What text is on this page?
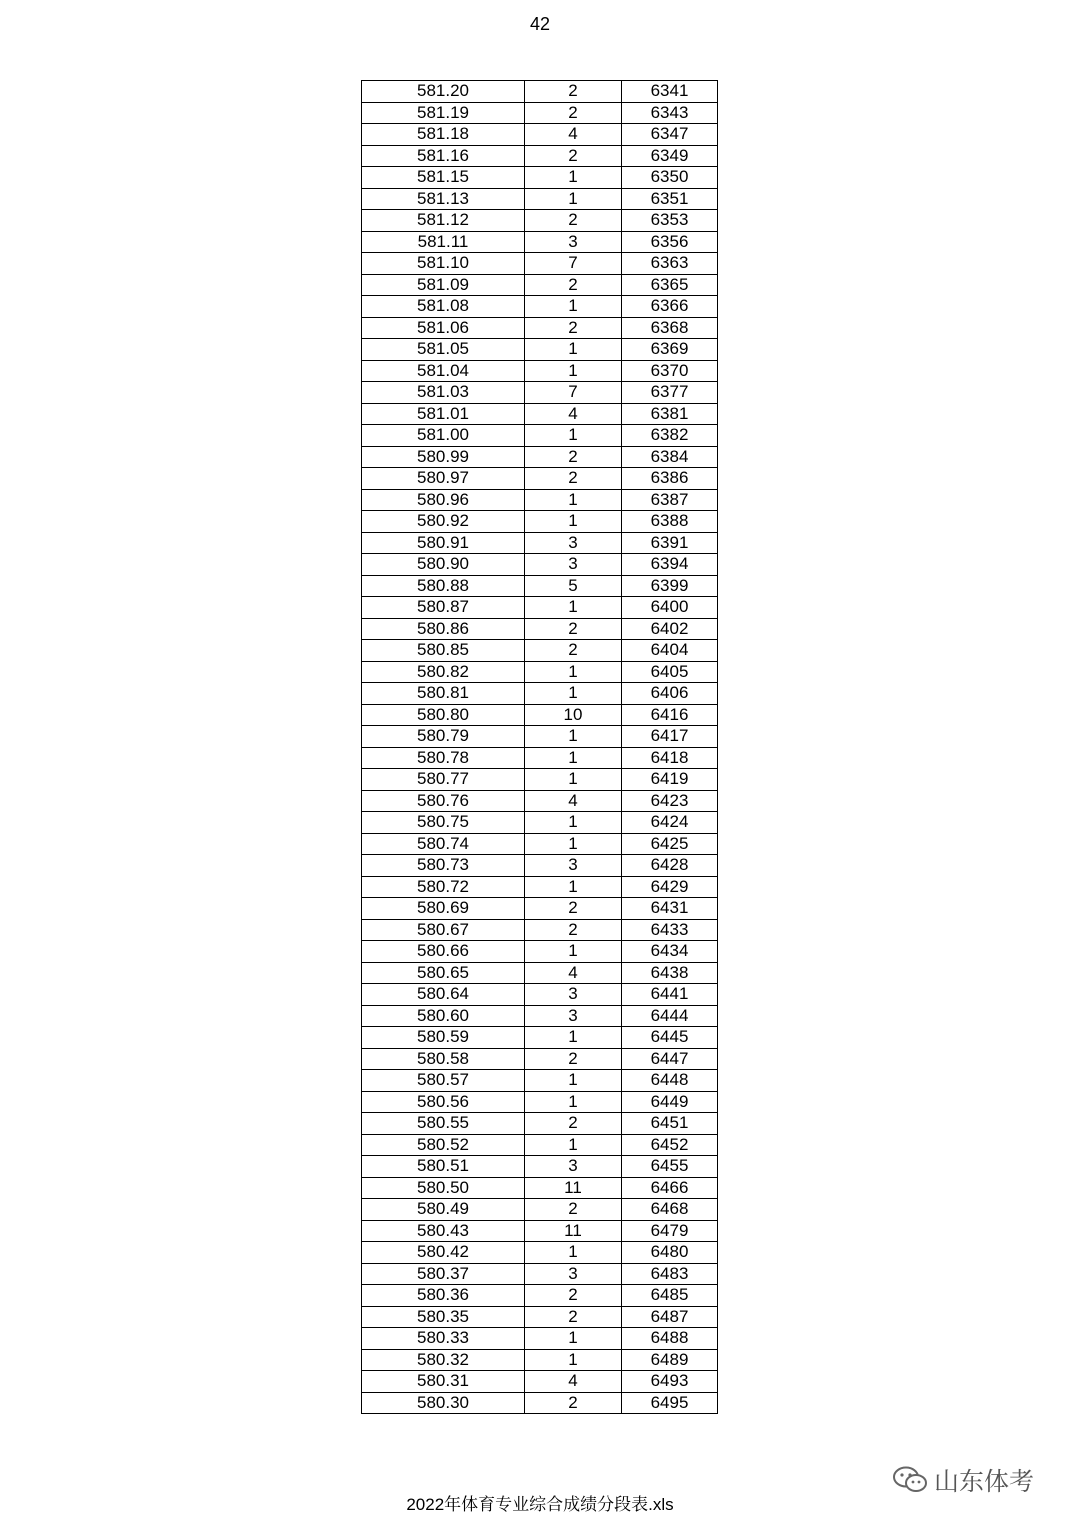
42
581.20	2	6341
581.19	2	6343
581.18	4	6347
581.16	2	6349
581.15	1	6350
581.13	1	6351
581.12	2	6353
581.11	3	6356
581.10	7	6363
581.09	2	6365
581.08	1	6366
581.06	2	6368
581.05	1	6369
581.04	1	6370
581.03	7	6377
581.01	4	6381
581.00	1	6382
580.99	2	6384
580.97	2	6386
580.96	1	6387
580.92	1	6388
580.91	3	6391
580.90	3	6394
580.88	5	6399
580.87	1	6400
580.86	2	6402
580.85	2	6404
580.82	1	6405
580.81	1	6406
580.80	10	6416
580.79	1	6417
580.78	1	6418
580.77	1	6419
580.76	4	6423
580.75	1	6424
580.74	1	6425
580.73	3	6428
580.72	1	6429
580.69	2	6431
580.67	2	6433
580.66	1	6434
580.65	4	6438
580.64	3	6441
580.60	3	6444
580.59	1	6445
580.58	2	6447
580.57	1	6448
580.56	1	6449
580.55	2	6451
580.52	1	6452
580.51	3	6455
580.50	11	6466
580.49	2	6468
580.43	11	6479
580.42	1	6480
580.37	3	6483
580.36	2	6485
580.35	2	6487
580.33	1	6488
580.32	1	6489
580.31	4	6493
580.30	2	6495
山东体考
2022年体育专业综合成绩分段表.xls
